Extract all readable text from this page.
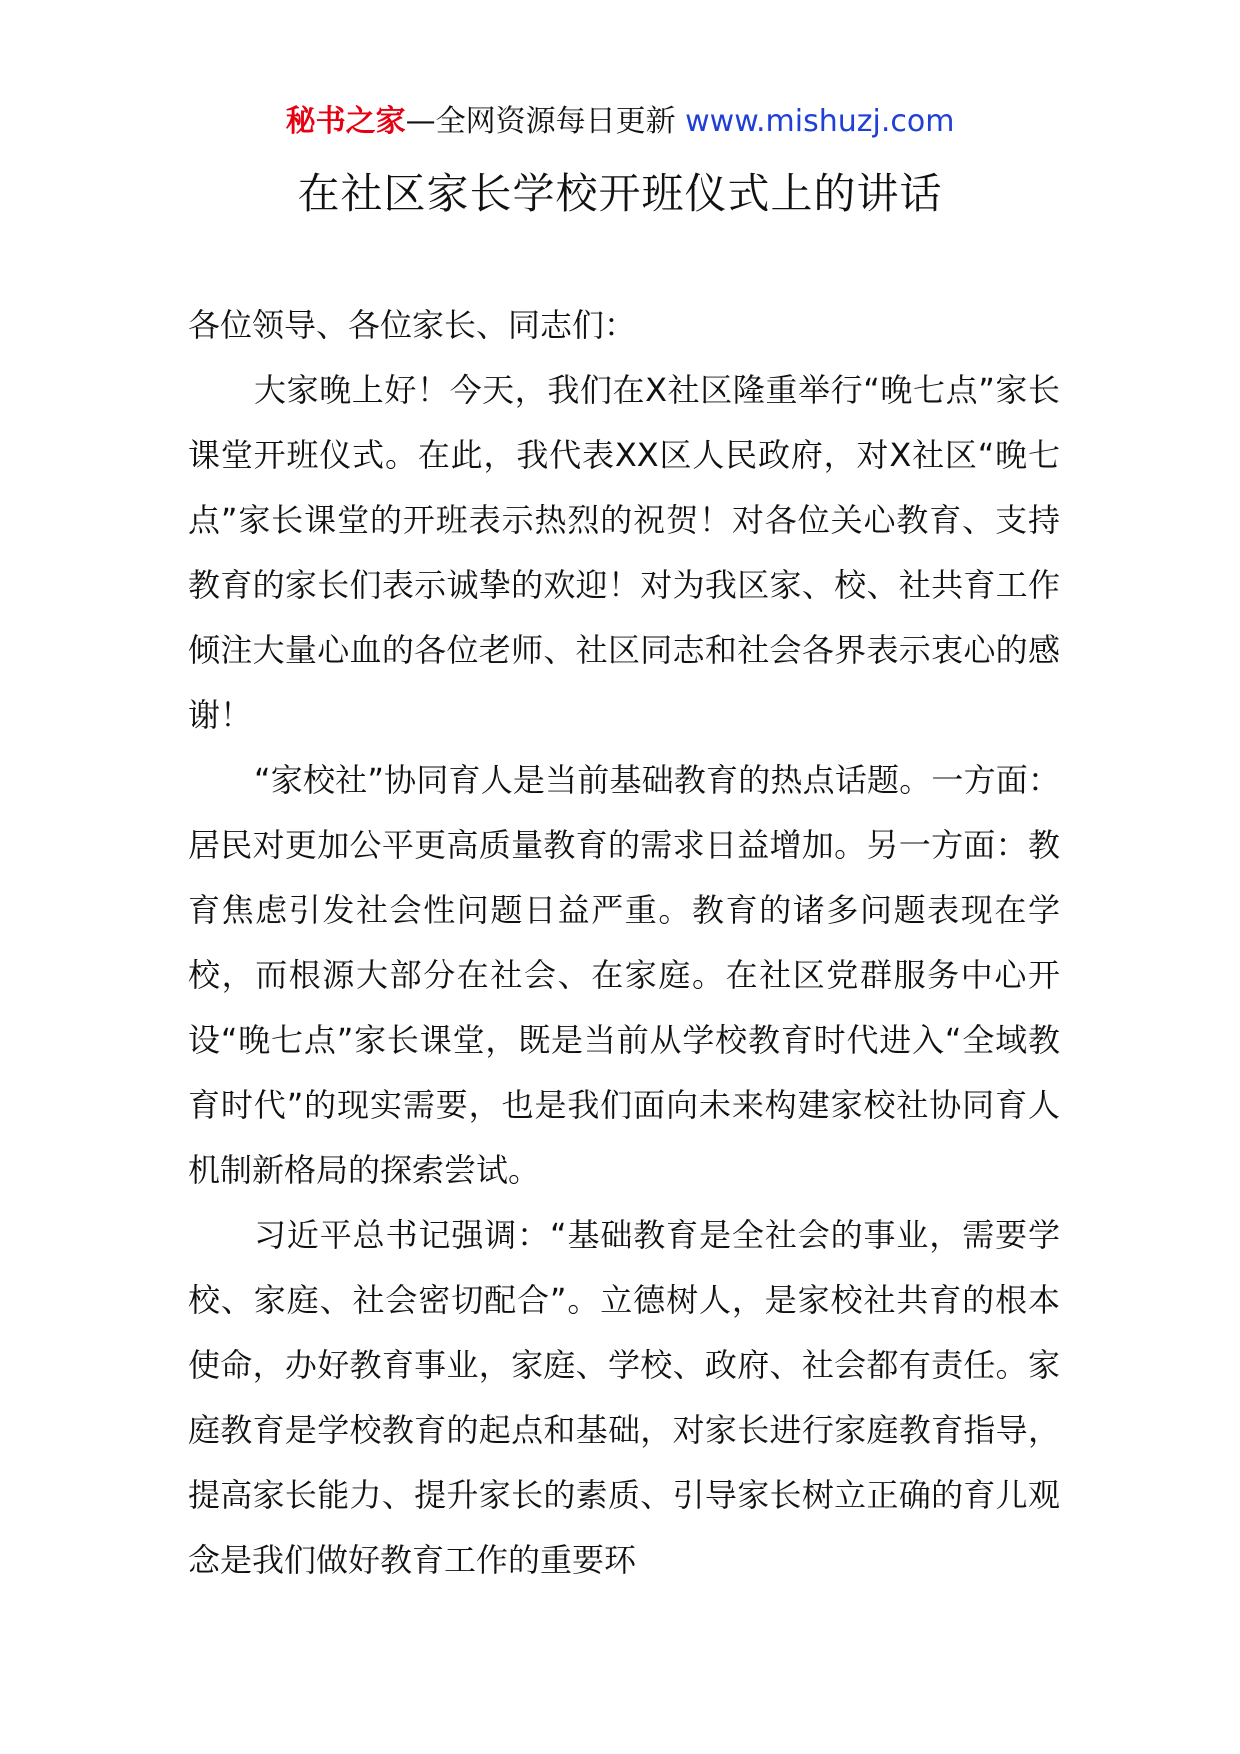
秘书之家—全网资源每日更新 www.mishuzj.com
在社区家长学校开班仪式上的讲话

各位领导、各位家长、同志们：

大家晚上好！今天，我们在X社区隆重举行“晚七点”家长课堂开班仪式。在此，我代表XX区人民政府，对X社区“晚七点”家长课堂的开班表示热烈的祝贺！对各位关心教育、支持教育的家长们表示诚挚的欢迎！对为我区家、校、社共育工作倾注大量心血的各位老师、社区同志和社会各界表示衷心的感谢！

“家校社”协同育人是当前基础教育的热点话题。一方面：居民对更加公平更高质量教育的需求日益增加。另一方面：教育焦虑引发社会性问题日益严重。教育的诸多问题表现在学校，而根源大部分在社会、在家庭。在社区党群服务中心开设“晚七点”家长课堂，既是当前从学校教育时代进入“全域教育时代”的现实需要，也是我们面向未来构建家校社协同育人机制新格局的探索尝试。

习近平总书记强调：“基础教育是全社会的事业，需要学校、家庭、社会密切配合”。立德树人，是家校社共育的根本使命，办好教育事业，家庭、学校、政府、社会都有责任。家庭教育是学校教育的起点和基础，对家长进行家庭教育指导，提高家长能力、提升家长的素质、引导家长树立正确的育儿观念是我们做好教育工作的重要环
